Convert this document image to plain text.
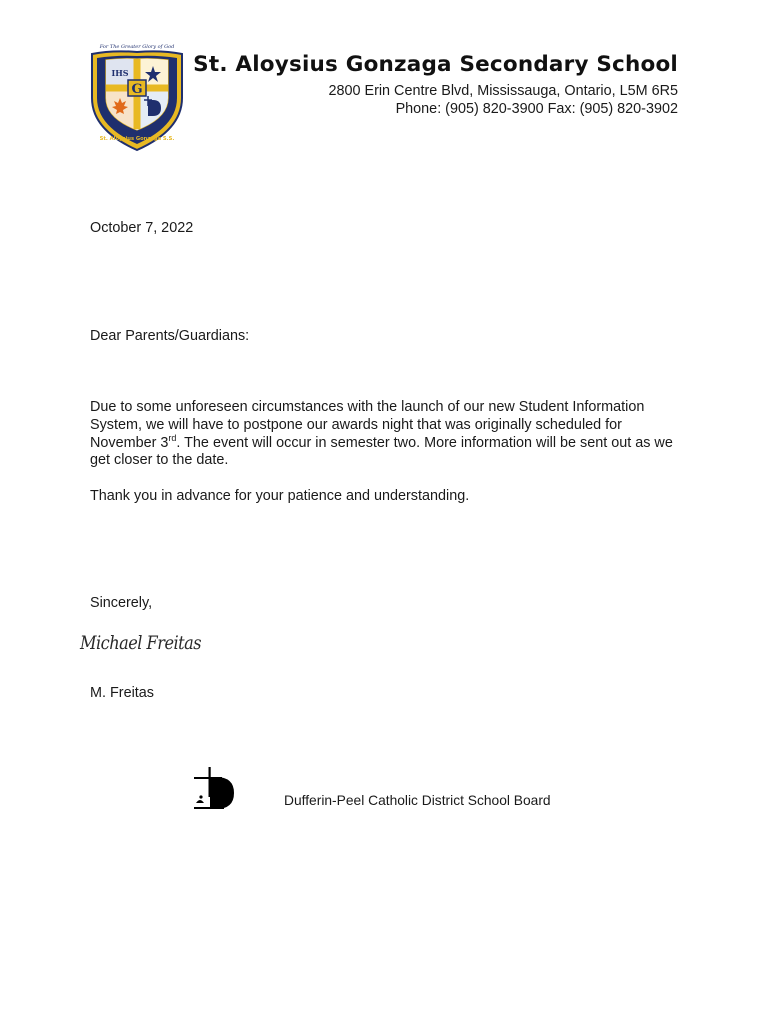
For The Greater Glory of God
IHS
G
St. Aloysius Gonzaga S.S.
St. Aloysius Gonzaga Secondary School
2800 Erin Centre Blvd, Mississauga, Ontario, L5M 6R5
Phone: (905) 820-3900 Fax: (905) 820-3902
October 7, 2022
Dear Parents/Guardians:
Due to some unforeseen circumstances with the launch of our new Student Information System, we will have to postpone our awards night that was originally scheduled for November 3rd. The event will occur in semester two. More information will be sent out as we get closer to the date.
Thank you in advance for your patience and understanding.
Sincerely,
Michael Freitas
M. Freitas
Dufferin-Peel Catholic District School Board
